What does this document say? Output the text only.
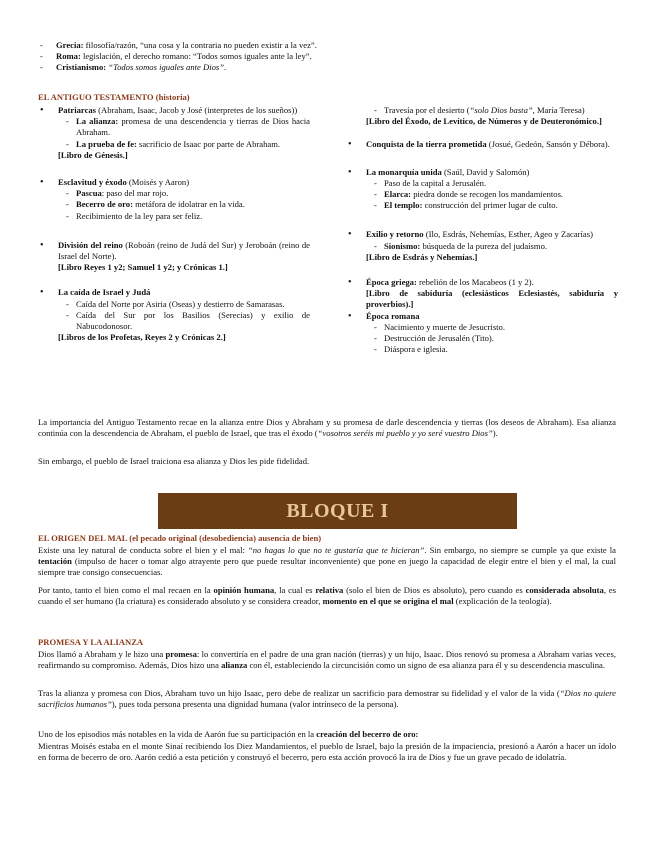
- Grecia: filosofía/razón, “una cosa y la contraria no pueden existir a la vez”.
- Roma: legislación, el derecho romano: “Todos somos iguales ante la ley”.
- Cristianismo: “Todos somos iguales ante Dios”.
EL ANTIGUO TESTAMENTO (historia)
• Patriarcas (Abraham, Isaac, Jacob y José (interpretes de los sueños))
- La alianza: promesa de una descendencia y tierras de Dios hacia Abraham.
- La prueba de fe: sacrificio de Isaac por parte de Abraham.
[Libro de Génesis.]
• Esclavitud y éxodo (Moisés y Aaron)
- Pascua: paso del mar rojo.
- Becerro de oro: metáfora de idolatrar en la vida.
- Recibimiento de la ley para ser feliz.
• División del reino (Roboán (reino de Judá del Sur) y Jeroboán (reino de Israel del Norte).
[Libro Reyes 1 y2; Samuel 1 y2; y Crónicas 1.]
• La caída de Israel y Judá
- Caída del Norte por Asiria (Oseas) y destierro de Samarasas.
- Caída del Sur por los Basilios (Serecias) y exilio de Nabucodonosor.
[Libros de los Profetas, Reyes 2 y Crónicas 2.]
- Travesía por el desierto (“solo Dios basta”, María Teresa)
[Libro del Éxodo, de Levítico, de Números y de Deuteronómico.]
• Conquista de la tierra prometida (Josué, Gedeón, Sansón y Débora).
• La monarquía unida (Saúl, David y Salomón)
- Paso de la capital a Jerusalén.
- Elarca: piedra donde se recogen los mandamientos.
- El templo: construcción del primer lugar de culto.
• Exilio y retorno (Ilo, Esdrás, Nehemías, Esther, Ageo y Zacarías)
- Sionismo: búsqueda de la pureza del judaísmo.
[Libro de Esdrás y Nehemías.]
• Época griega: rebelión de los Macabeos (1 y 2).
[Libro de sabiduría (eclesiásticos Eclesiastés, sabiduría y proverbios).]
• Época romana
- Nacimiento y muerte de Jesucristo.
- Destrucción de Jerusalén (Tito).
- Diáspora e iglesia.
La importancia del Antiguo Testamento recae en la alianza entre Dios y Abraham y su promesa de darle descendencia y tierras (los deseos de Abraham). Esa alianza continúa con la descendencia de Abraham, el pueblo de Israel, que tras el éxodo (“vosotros seréis mi pueblo y yo seré vuestro Dios”).
Sin embargo, el pueblo de Israel traiciona esa alianza y Dios les pide fidelidad.
BLOQUE I
EL ORIGEN DEL MAL (el pecado original (desobediencia) ausencia de bien)
Existe una ley natural de conducta sobre el bien y el mal: “no hagas lo que no te gustaría que te hicieran”. Sin embargo, no siempre se cumple ya que existe la tentación (impulso de hacer o tomar algo atrayente pero que puede resultar inconveniente) que pone en juego la capacidad de elegir entre el bien y el mal, la cual siempre trae consigo consecuencias.
Por tanto, tanto el bien como el mal recaen en la opinión humana, la cual es relativa (solo el bien de Dios es absoluto), pero cuando es considerada absoluta, es cuando el ser humano (la criatura) es considerado absoluto y se considera creador, momento en el que se origina el mal (explicación de la teología).
PROMESA Y LA ALIANZA
Dios llamó a Abraham y le hizo una promesa: lo convertiría en el padre de una gran nación (tierras) y un hijo, Isaac. Dios renovó su promesa a Abraham varias veces, reafirmando su compromiso. Además, Dios hizo una alianza con él, estableciendo la circuncisión como un signo de esa alianza para él y su descendencia masculina.
Tras la alianza y promesa con Dios, Abraham tuvo un hijo Isaac, pero debe de realizar un sacrificio para demostrar su fidelidad y el valor de la vida (“Dios no quiere sacrificios humanos”), pues toda persona presenta una dignidad humana (valor intrínseco de la persona).
Uno de los episodios más notables en la vida de Aarón fue su participación en la creación del becerro de oro:
Mientras Moisés estaba en el monte Sinaí recibiendo los Diez Mandamientos, el pueblo de Israel, bajo la presión de la impaciencia, presionó a Aarón a hacer un ídolo en forma de becerro de oro. Aarón cedió a esta petición y construyó el becerro, pero esta acción provocó la ira de Dios y fue un grave pecado de idolatría.
